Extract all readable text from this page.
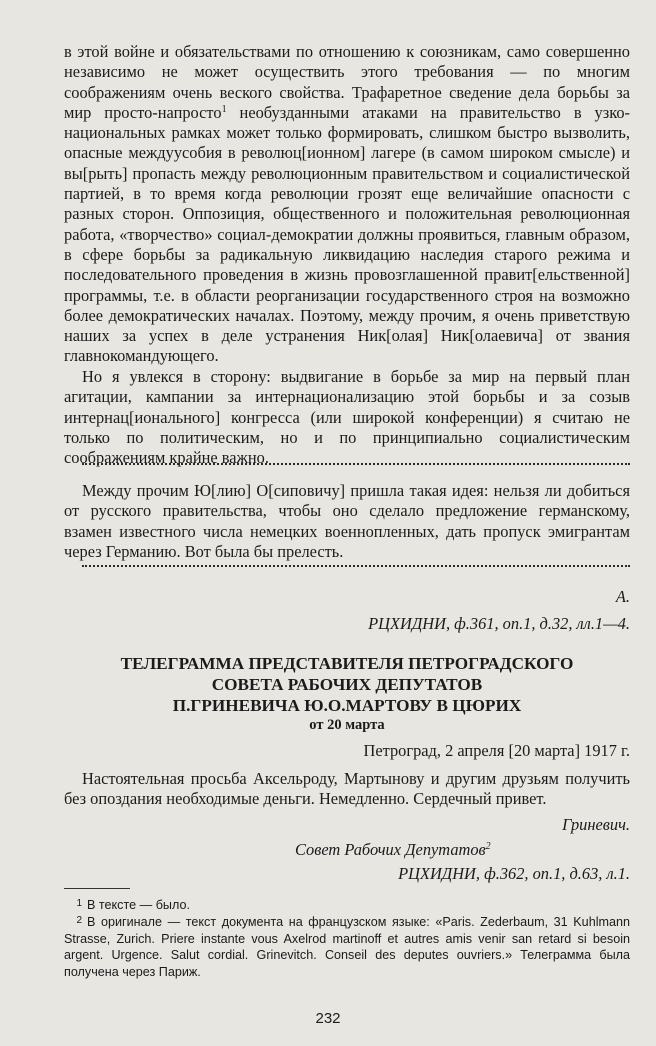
в этой войне и обязательствами по отношению к союзникам, само совершенно независимо не может осуществить этого требования — по многим соображениям очень веского свойства. Трафаретное сведение дела борьбы за мир просто-напросто$^1$ необузданными атаками на правительство в узко-национальных рамках может только формировать, слишком быстро вызволить, опасные междуусобия в революц[ионном] лагере (в самом широком смысле) и вы[рыть] пропасть между революционным правительством и социалистической партией, в то время когда революции грозят еще величайшие опасности с разных сторон. Оппозиция, общественного и положительная революционная работа, «творчество» социал-демократии должны проявиться, главным образом, в сфере борьбы за радикальную ликвидацию наследия старого режима и последовательного проведения в жизнь провозглашенной правит[ельственной] программы, т.е. в области реорганизации государственного строя на возможно более демократических началах. Поэтому, между прочим, я очень приветствую наших за успех в деле устранения Ник[олая] Ник[олаевича] от звания главнокомандующего.

Но я увлекся в сторону: выдвигание в борьбе за мир на первый план агитации, кампании за интернационализацию этой борьбы и за созыв интернац[ионального] конгресса (или широкой конференции) я считаю не только по политическим, но и по принципиально социалистическим соображениям крайне важно.

Между прочим Ю[лию] О[сиповичу] пришла такая идея: нельзя ли добиться от русского правительства, чтобы оно сделало предложение германскому, взамен известного числа немецких военнопленных, дать пропуск эмигрантам через Германию. Вот была бы прелесть.

А.

РЦХИДНИ, ф.361, оп.1, д.32, лл.1—4.

ТЕЛЕГРАММА ПРЕДСТАВИТЕЛЯ ПЕТРОГРАДСКОГО

СОВЕТА РАБОЧИХ ДЕПУТАТОВ

П.ГРИНЕВИЧА Ю.О.МАРТОВУ В ЦЮРИХ

от 20 марта

Петроград, 2 апреля [20 марта] 1917 г.

Настоятельная просьба Аксельроду, Мартынову и другим друзьям получить без опоздания необходимые деньги. Немедленно. Сердечный привет.

Гриневич.

Совет Рабочих Депутатов$^2$

РЦХИДНИ, ф.362, оп.1, д.63, л.1.

1 В тексте — было.
2 В оригинале — текст документа на французском языке: «Paris. Zederbaum, 31 Kuhlmann Strasse, Zurich. Priere instante vous Axelrod martinoff et autres amis venir san retard si besoin argent. Urgence. Salut cordial. Grinevitch. Conseil des deputes ouvriers.» Телеграмма была получена через Париж.
232
